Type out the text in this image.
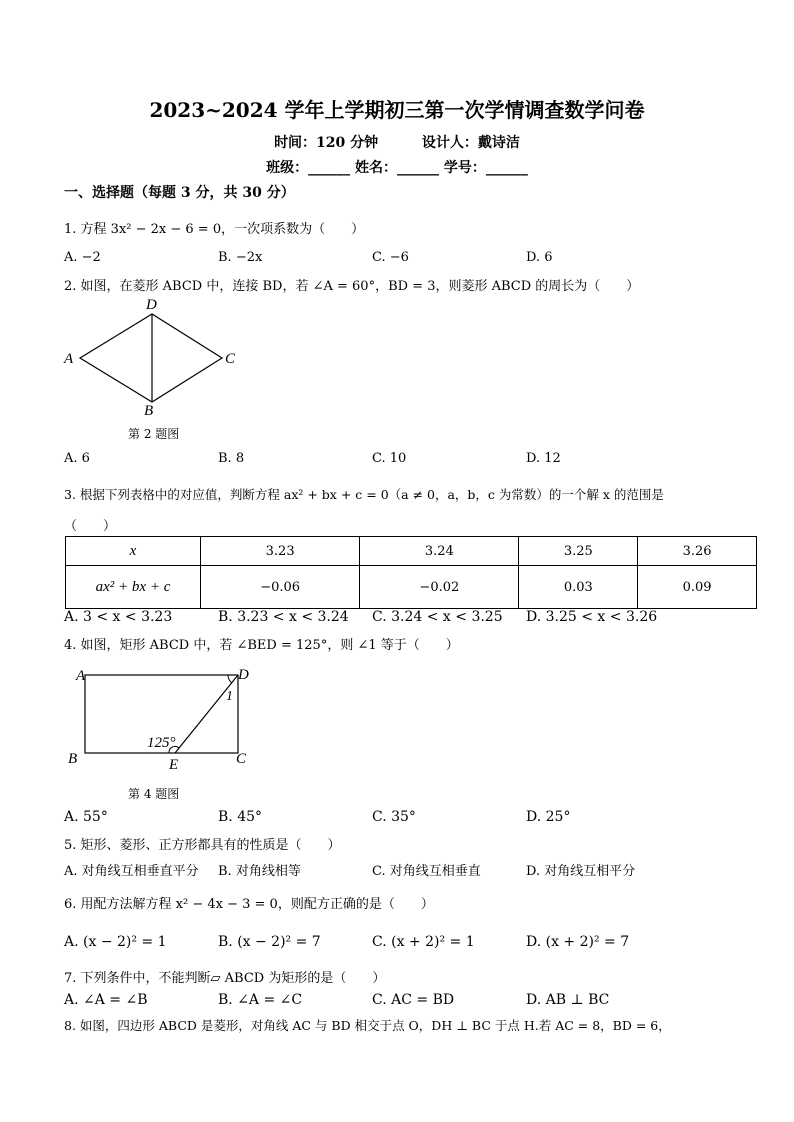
2023~2024 学年上学期初三第一次学情调查数学问卷
时间：120 分钟	设计人：戴诗洁
班级：______ 姓名：______ 学号：______
一、选择题（每题 3 分，共 30 分）
1. 方程 3x² − 2x − 6 = 0，一次项系数为（　　）
A. −2	B. −2x	C. −6	D. 6
2. 如图，在菱形 ABCD 中，连接 BD，若 ∠A = 60°，BD = 3，则菱形 ABCD 的周长为（　　）
D
A	C
B
第 2 题图
A. 6	B. 8	C. 10	D. 12
3. 根据下列表格中的对应值，判断方程 ax² + bx + c = 0（a ≠ 0，a，b，c 为常数）的一个解 x 的范围是
（　　）
x	3.23	3.24	3.25	3.26
ax² + bx + c	−0.06	−0.02	0.03	0.09
A. 3 < x < 3.23	B. 3.23 < x < 3.24 C. 3.24 < x < 3.25 D. 3.25 < x < 3.26
4. 如图，矩形 ABCD 中，若 ∠BED = 125°，则 ∠1 等于（　　）
A	D
1
125°
B	E	C
第 4 题图
A. 55°	B. 45°	C. 35°	D. 25°
5. 矩形、菱形、正方形都具有的性质是（　　）
A. 对角线互相垂直平分 B. 对角线相等	C. 对角线互相垂直	D. 对角线互相平分
6. 用配方法解方程 x² − 4x − 3 = 0，则配方正确的是（　　）
A. (x − 2)² = 1	B. (x − 2)² = 7	C. (x + 2)² = 1	D. (x + 2)² = 7
7. 下列条件中，不能判断▱ ABCD 为矩形的是（　　）
A. ∠A = ∠B	B. ∠A = ∠C	C. AC = BD	D. AB ⊥ BC
8. 如图，四边形 ABCD 是菱形，对角线 AC 与 BD 相交于点 O，DH ⊥ BC 于点 H.若 AC = 8，BD = 6，
